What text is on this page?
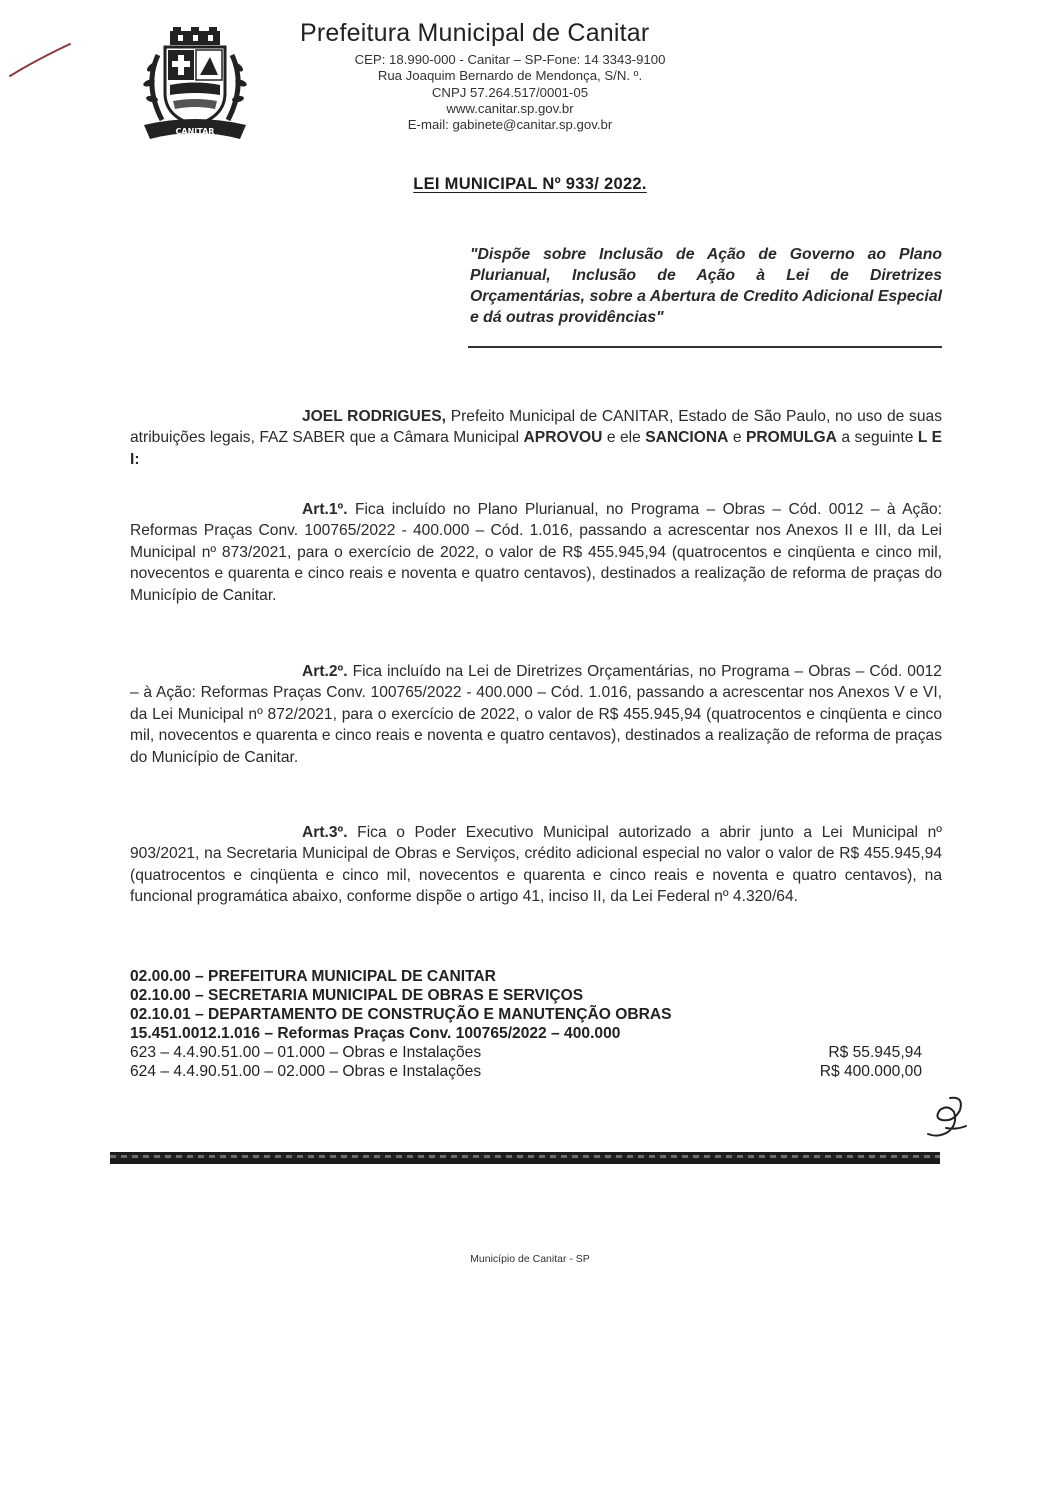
CANITAR
Prefeitura Municipal de Canitar
CEP: 18.990-000 - Canitar – SP-Fone: 14 3343-9100
Rua Joaquim Bernardo de Mendonça, S/N. º.
CNPJ 57.264.517/0001-05
www.canitar.sp.gov.br
E-mail: gabinete@canitar.sp.gov.br
LEI MUNICIPAL Nº 933/ 2022.
"Dispõe sobre Inclusão de Ação de Governo ao Plano Plurianual, Inclusão de Ação à Lei de Diretrizes Orçamentárias, sobre a Abertura de Credito Adicional Especial e dá outras providências"
JOEL RODRIGUES, Prefeito Municipal de CANITAR, Estado de São Paulo, no uso de suas atribuições legais, FAZ SABER que a Câmara Municipal APROVOU e ele SANCIONA e PROMULGA a seguinte L E I:
Art.1º. Fica incluído no Plano Plurianual, no Programa – Obras – Cód. 0012 – à Ação: Reformas Praças Conv. 100765/2022 - 400.000 – Cód. 1.016, passando a acrescentar nos Anexos II e III, da Lei Municipal nº 873/2021, para o exercício de 2022, o valor de R$ 455.945,94 (quatrocentos e cinqüenta e cinco mil, novecentos e quarenta e cinco reais e noventa e quatro centavos), destinados a realização de reforma de praças do Município de Canitar.
Art.2º. Fica incluído na Lei de Diretrizes Orçamentárias, no Programa – Obras – Cód. 0012 – à Ação: Reformas Praças Conv. 100765/2022 - 400.000 – Cód. 1.016, passando a acrescentar nos Anexos V e VI, da Lei Municipal nº 872/2021, para o exercício de 2022, o valor de R$ 455.945,94 (quatrocentos e cinqüenta e cinco mil, novecentos e quarenta e cinco reais e noventa e quatro centavos), destinados a realização de reforma de praças do Município de Canitar.
Art.3º. Fica o Poder Executivo Municipal autorizado a abrir junto a Lei Municipal nº 903/2021, na Secretaria Municipal de Obras e Serviços, crédito adicional especial no valor o valor de R$ 455.945,94 (quatrocentos e cinqüenta e cinco mil, novecentos e quarenta e cinco reais e noventa e quatro centavos), na funcional programática abaixo, conforme dispõe o artigo 41, inciso II, da Lei Federal nº 4.320/64.
02.00.00 – PREFEITURA MUNICIPAL DE CANITAR
02.10.00 – SECRETARIA MUNICIPAL DE OBRAS E SERVIÇOS
02.10.01 – DEPARTAMENTO DE CONSTRUÇÃO E MANUTENÇÃO OBRAS
15.451.0012.1.016 – Reformas Praças Conv. 100765/2022 – 400.000
623 – 4.4.90.51.00 – 01.000 – Obras e Instalações	R$ 55.945,94
624 – 4.4.90.51.00 – 02.000 – Obras e Instalações	R$ 400.000,00
Município de Canitar - SP
